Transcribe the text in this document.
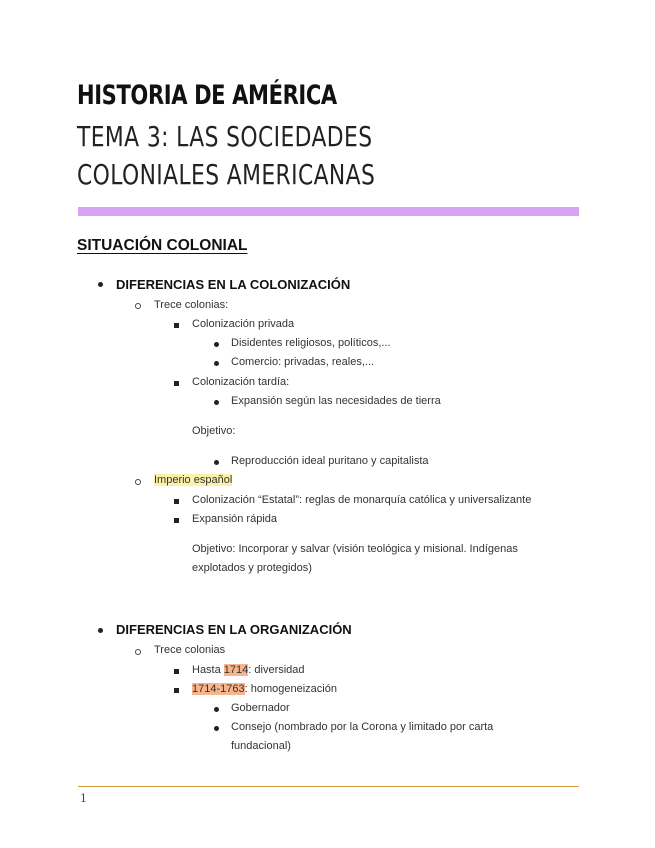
HISTORIA DE AMÉRICA
TEMA 3: LAS SOCIEDADES COLONIALES AMERICANAS
SITUACIÓN COLONIAL
DIFERENCIAS EN LA COLONIZACIÓN
Trece colonias:
Colonización privada
Disidentes religiosos, políticos,...
Comercio: privadas, reales,...
Colonización tardía:
Expansión según las necesidades de tierra
Objetivo:
Reproducción ideal puritano y capitalista
Imperio español
Colonización “Estatal”: reglas de monarquía católica y universalizante
Expansión rápida
Objetivo: Incorporar y salvar (visión teológica y misional. Indígenas
explotados y protegidos)
DIFERENCIAS EN LA ORGANIZACIÓN
Trece colonias
Hasta 1714: diversidad
1714-1763: homogeneización
Gobernador
Consejo (nombrado por la Corona y limitado por carta
fundacional)
1
